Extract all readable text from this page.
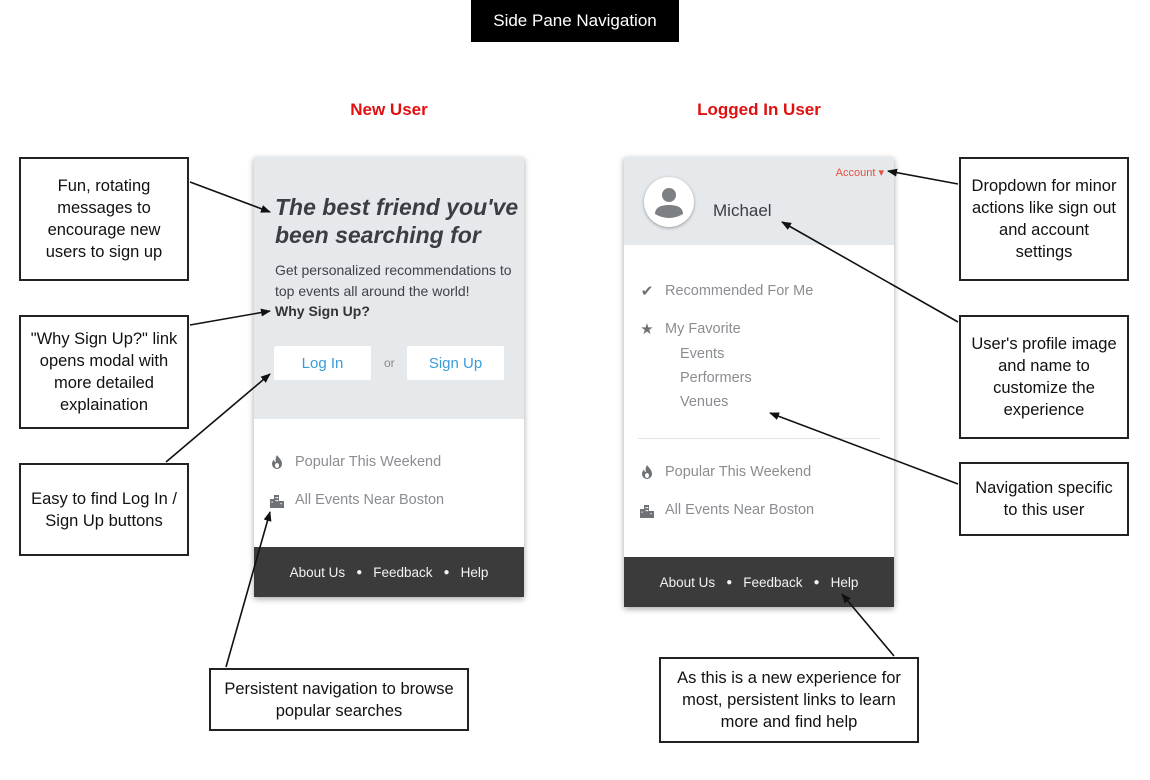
Side Pane Navigation
New User	Logged In User
The best friend you've been searching for
Get personalized recommendations to top events all around the world!
Why Sign Up?
Log In	or	Sign Up
Popular This Weekend
All Events Near Boston
About Us ● Feedback ● Help
Account ▾
Michael
✔ Recommended For Me
★ My Favorite
Events
Performers
Venues
Popular This Weekend
All Events Near Boston
About Us ● Feedback ● Help
Fun, rotating messages to encourage new users to sign up
"Why Sign Up?" link opens modal with more detailed explaination
Easy to find Log In / Sign Up buttons
Persistent navigation to browse popular searches
Dropdown for minor actions like sign out and account settings
User's profile image and name to customize the experience
Navigation specific to this user
As this is a new experience for most, persistent links to learn more and find help
